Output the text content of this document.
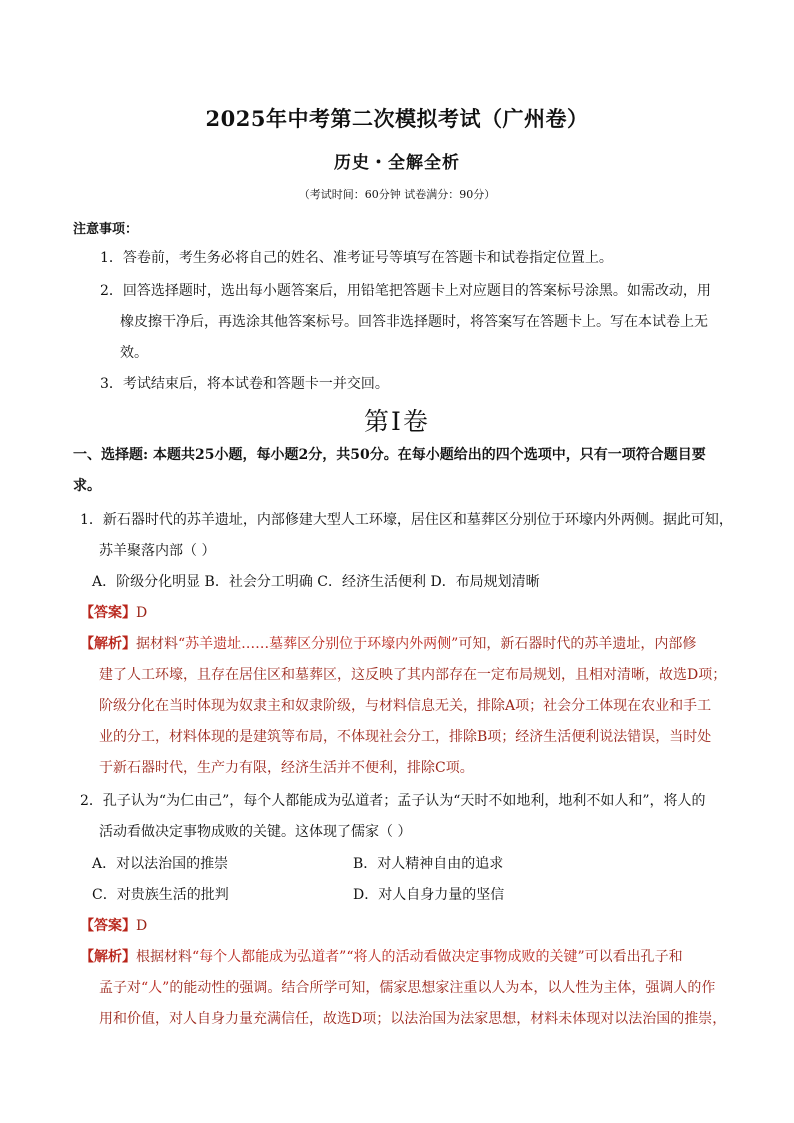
2025年中考第二次模拟考试（广州卷）
历史・全解全析
（考试时间：60分钟 试卷满分：90分）
注意事项：
1．答卷前，考生务必将自己的姓名、准考证号等填写在答题卡和试卷指定位置上。
2．回答选择题时，选出每小题答案后，用铅笔把答题卡上对应题目的答案标号涂黑。如需改动，用
橡皮擦干净后，再选涂其他答案标号。回答非选择题时，将答案写在答题卡上。写在本试卷上无
效。
3．考试结束后，将本试卷和答题卡一并交回。
第Ⅰ卷
一、选择题: 本题共25小题，每小题2分，共50分。在每小题给出的四个选项中，只有一项符合题目要
求。
1．新石器时代的苏羊遗址，内部修建大型人工环壕，居住区和墓葬区分别位于环壕内外两侧。据此可知，
苏羊聚落内部（ ）
A．阶级分化明显 B．社会分工明确 C．经济生活便利 D．布局规划清晰
【答案】D
【解析】据材料“苏羊遗址……墓葬区分别位于环壕内外两侧”可知，新石器时代的苏羊遗址，内部修
建了人工环壕，且存在居住区和墓葬区，这反映了其内部存在一定布局规划，且相对清晰，故选D项；
阶级分化在当时体现为奴隶主和奴隶阶级，与材料信息无关，排除A项；社会分工体现在农业和手工
业的分工，材料体现的是建筑等布局，不体现社会分工，排除B项；经济生活便利说法错误，当时处
于新石器时代，生产力有限，经济生活并不便利，排除C项。
2．孔子认为“为仁由己”，每个人都能成为弘道者；孟子认为“天时不如地利，地利不如人和”，将人的
活动看做决定事物成败的关键。这体现了儒家（ ）
A．对以法治国的推崇	B．对人精神自由的追求
C．对贵族生活的批判	D．对人自身力量的坚信
【答案】D
【解析】根据材料“每个人都能成为弘道者”“将人的活动看做决定事物成败的关键”可以看出孔子和
孟子对“人”的能动性的强调。结合所学可知，儒家思想家注重以人为本，以人性为主体，强调人的作
用和价值，对人自身力量充满信任，故选D项；以法治国为法家思想，材料未体现对以法治国的推崇，
